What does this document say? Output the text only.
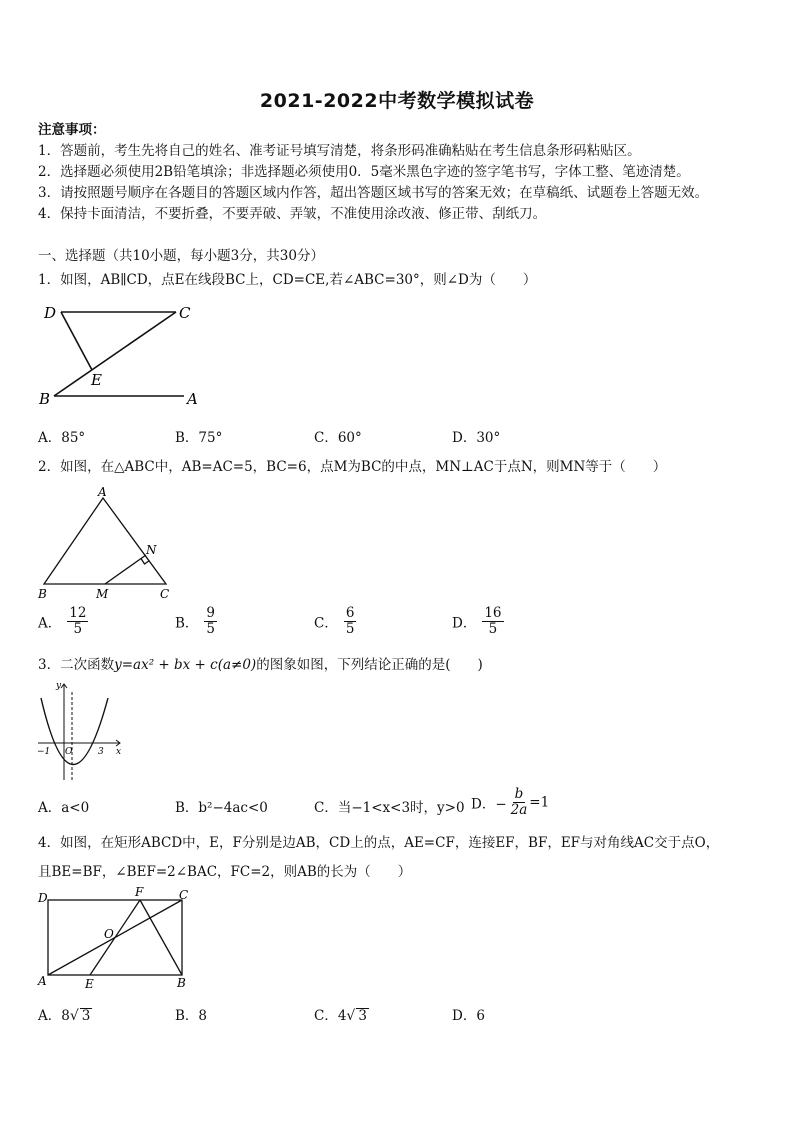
2021-2022中考数学模拟试卷
注意事项：
1．答题前，考生先将自己的姓名、准考证号填写清楚，将条形码准确粘贴在考生信息条形码粘贴区。
2．选择题必须使用2B铅笔填涂；非选择题必须使用0．5毫米黑色字迹的签字笔书写，字体工整、笔迹清楚。
3．请按照题号顺序在各题目的答题区域内作答，超出答题区域书写的答案无效；在草稿纸、试题卷上答题无效。
4．保持卡面清洁，不要折叠，不要弄破、弄皱，不准使用涂改液、修正带、刮纸刀。
一、选择题（共10小题，每小题3分，共30分）
1．如图，AB∥CD，点E在线段BC上，CD=CE,若∠ABC=30°，则∠D为（　　）
D	C
E
B	A
A．85°	B．75°	C．60°	D．30°
2．如图，在△ABC中，AB=AC=5，BC=6，点M为BC的中点，MN⊥AC于点N，则MN等于（　　）
A
N
B	M	C
A． $\frac{12}{5}$	B． $\frac{9}{5}$	C． $\frac{6}{5}$	D． $\frac{16}{5}$
3．二次函数y=ax² + bx + c(a≠0)的图象如图，下列结论正确的是(　　)
y
−1 O	3 x
A．a<0	B．b²−4ac<0	C．当−1<x<3时，y>0 D．− $\frac{b}{2a} =1$
4．如图，在矩形ABCD中，E，F分别是边AB，CD上的点，AE=CF，连接EF，BF，EF与对角线AC交于点O，
且BE=BF，∠BEF=2∠BAC，FC=2，则AB的长为（　　）
D	F	C
O
A	E	B
A．8√ 3	B．8	C．4√ 3	D．6
